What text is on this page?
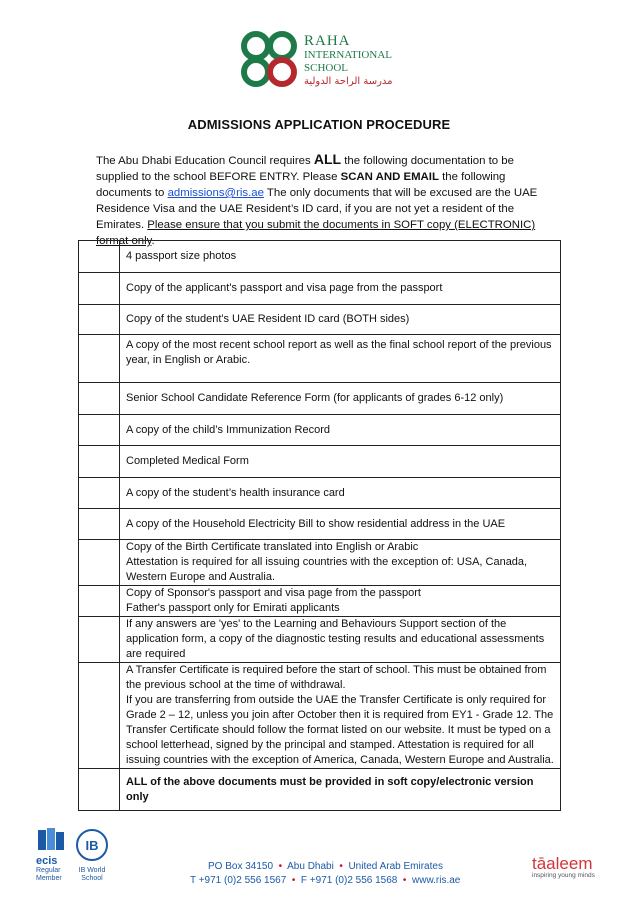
RAHA
INTERNATIONAL
SCHOOL
مدرسة الراحة الدولية
ADMISSIONS APPLICATION PROCEDURE
The Abu Dhabi Education Council requires ALL the following documentation to be supplied to the school BEFORE ENTRY. Please SCAN AND EMAIL the following documents to admissions@ris.ae The only documents that will be excused are the UAE Residence Visa and the UAE Resident’s ID card, if you are not yet a resident of the Emirates. Please ensure that you submit the documents in SOFT copy (ELECTRONIC) format only.
	4 passport size photos
	Copy of the applicant's passport and visa page from the passport
	Copy of the student's UAE Resident ID card (BOTH sides)
	A copy of the most recent school report as well as the final school report of the previous year, in English or Arabic.
	Senior School Candidate Reference Form (for applicants of grades 6-12 only)
	A copy of the child’s Immunization Record
	Completed Medical Form
	A copy of the student’s health insurance card
	A copy of the Household Electricity Bill to show residential address in the UAE

	Copy of the Birth Certificate translated into English or Arabic
Attestation is required for all issuing countries with the exception of: USA, Canada, Western Europe and Australia.

	Copy of Sponsor's passport and visa page from the passport
Father's passport only for Emirati applicants

	If any answers are 'yes' to the Learning and Behaviours Support section of the application form, a copy of the diagnostic testing results and educational assessments are required

	A Transfer Certificate is required before the start of school. This must be obtained from the previous school at the time of withdrawal.
If you are transferring from outside the UAE the Transfer Certificate is only required for Grade 2 – 12, unless you join after October then it is required from EY1 - Grade 12. The Transfer Certificate should follow the format listed on our website. It must be typed on a school letterhead, signed by the principal and stamped. Attestation is required for all issuing countries with the exception of America, Canada, Western Europe and Australia.

	ALL of the above documents must be provided in soft copy/electronic version only
ecis
Regular
Member
IB
IB World
School
PO Box 34150  •  Abu Dhabi  •  United Arab Emirates
T +971 (0)2 556 1567  •  F +971 (0)2 556 1568  •  www.ris.ae
tāaleem
inspiring young minds
